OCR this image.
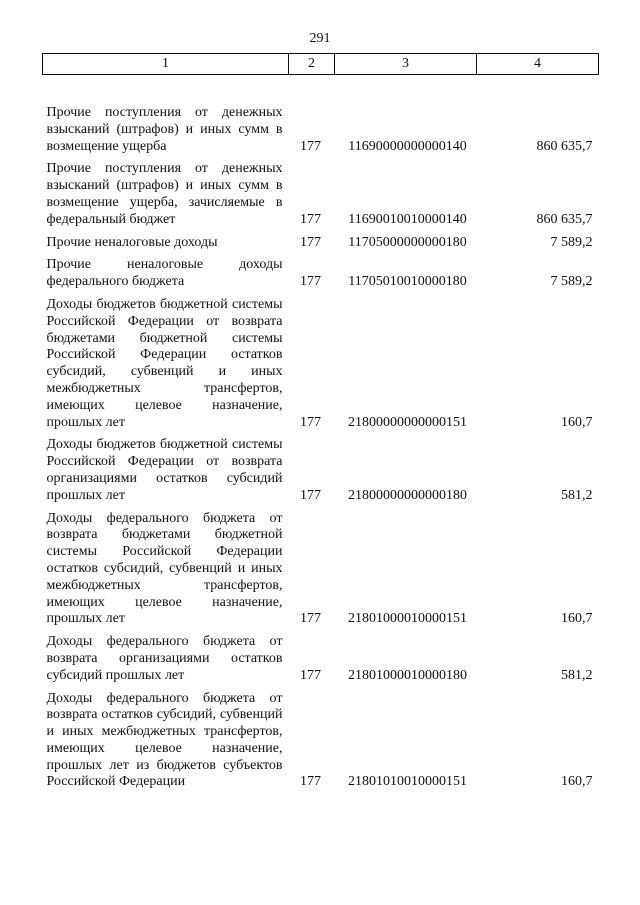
291
1	2	3	4
Прочие поступления от денежных взысканий (штрафов) и иных сумм в возмещение ущерба	177	11690000000000140	860 635,7
Прочие поступления от денежных взысканий (штрафов) и иных сумм в возмещение ущерба, зачисляемые в федеральный бюджет	177	11690010010000140	860 635,7
Прочие неналоговые доходы	177	11705000000000180	7 589,2
Прочие неналоговые доходы федерального бюджета	177	11705010010000180	7 589,2
Доходы бюджетов бюджетной системы Российской Федерации от возврата бюджетами бюджетной системы Российской Федерации остатков субсидий, субвенций и иных межбюджетных трансфертов, имеющих целевое назначение, прошлых лет	177	21800000000000151	160,7
Доходы бюджетов бюджетной системы Российской Федерации от возврата организациями остатков субсидий прошлых лет	177	21800000000000180	581,2
Доходы федерального бюджета от возврата бюджетами бюджетной системы Российской Федерации остатков субсидий, субвенций и иных межбюджетных трансфертов, имеющих целевое назначение, прошлых лет	177	21801000010000151	160,7
Доходы федерального бюджета от возврата организациями остатков субсидий прошлых лет	177	21801000010000180	581,2
Доходы федерального бюджета от возврата остатков субсидий, субвенций и иных межбюджетных трансфертов, имеющих целевое назначение, прошлых лет из бюджетов субъектов Российской Федерации	177	21801010010000151	160,7
